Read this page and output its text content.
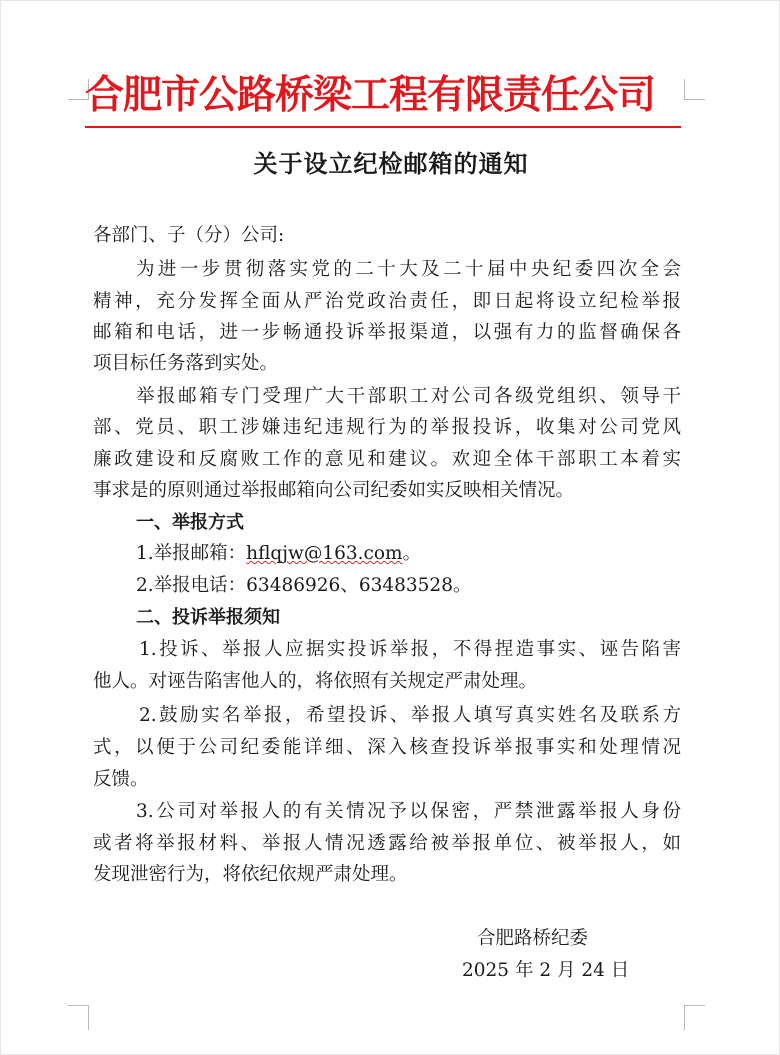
合肥市公路桥梁工程有限责任公司
关于设立纪检邮箱的通知
各部门、子（分）公司:
为进一步贯彻落实党的二十大及二十届中央纪委四次全会
精神，充分发挥全面从严治党政治责任，即日起将设立纪检举报
邮箱和电话，进一步畅通投诉举报渠道，以强有力的监督确保各
项目标任务落到实处。
举报邮箱专门受理广大干部职工对公司各级党组织、领导干
部、党员、职工涉嫌违纪违规行为的举报投诉，收集对公司党风
廉政建设和反腐败工作的意见和建议。欢迎全体干部职工本着实
事求是的原则通过举报邮箱向公司纪委如实反映相关情况。
一、举报方式
1.举报邮箱：hflqjw@163.com。
2.举报电话：63486926、63483528。
二、投诉举报须知
1.投诉、举报人应据实投诉举报，不得捏造事实、诬告陷害
他人。对诬告陷害他人的，将依照有关规定严肃处理。
2.鼓励实名举报，希望投诉、举报人填写真实姓名及联系方
式，以便于公司纪委能详细、深入核查投诉举报事实和处理情况
反馈。
3.公司对举报人的有关情况予以保密，严禁泄露举报人身份
或者将举报材料、举报人情况透露给被举报单位、被举报人，如
发现泄密行为，将依纪依规严肃处理。
合肥路桥纪委
2025 年 2 月 24 日
